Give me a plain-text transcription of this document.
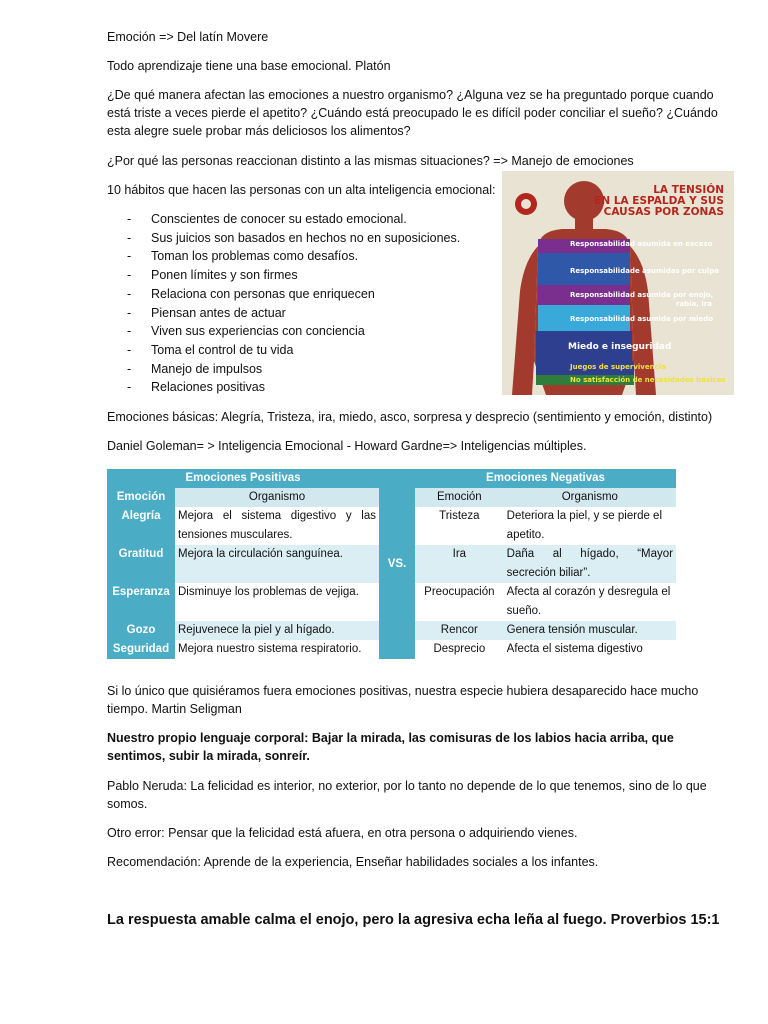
Emoción => Del latín Movere

Todo aprendizaje tiene una base emocional. Platón

¿De qué manera afectan las emociones a nuestro organismo? ¿Alguna vez se ha preguntado porque cuando está triste a veces pierde el apetito? ¿Cuándo está preocupado le es difícil poder conciliar el sueño? ¿Cuándo esta alegre suele probar más deliciosos los alimentos?

¿Por qué las personas reaccionan distinto a las mismas situaciones? => Manejo de emociones

10 hábitos que hacen las personas con un alta inteligencia emocional:

- Conscientes de conocer su estado emocional.
- Sus juicios son basados en hechos no en suposiciones.
- Toman los problemas como desafíos.
- Ponen límites y son firmes
- Relaciona con personas que enriquecen
- Piensan antes de actuar
- Viven sus experiencias con conciencia
- Toma el control de tu vida
- Manejo de impulsos
- Relaciones positivas
LA TENSIÓN
EN LA ESPALDA Y SUS
CAUSAS POR ZONAS
Responsabilidad asumida en exceso
Responsabilidade asumidas por culpa
Responsabilidad asumida por enojo,
rabia, ira
Responsabilidad asumida por miedo
Miedo e inseguridad
Juegos de supervivencia
No satisfacción de necesidades básicas

Emociones básicas: Alegría, Tristeza, ira, miedo, asco, sorpresa y desprecio (sentimiento y emoción, distinto)

Daniel Goleman= > Inteligencia Emocional - Howard Gardne=> Inteligencias múltiples.

Emociones Positivas		VS.	Emociones Negativas	
Emoción	Organismo		Emoción	Organismo
Alegría	Mejora el sistema digestivo y las tensiones musculares.		Tristeza	Deteriora la piel, y se pierde el apetito.
Gratitud	Mejora la circulación sanguínea.		Ira	Daña al hígado, “Mayor secreción biliar”.
Esperanza	Disminuye los problemas de vejiga.		Preocupación	Afecta al corazón y desregula el sueño.
Gozo	Rejuvenece la piel y al hígado.		Rencor	Genera tensión muscular.
Seguridad	Mejora nuestro sistema respiratorio.		Desprecio	Afecta el sistema digestivo

Si lo único que quisiéramos fuera emociones positivas, nuestra especie hubiera desaparecido hace mucho tiempo. Martin Seligman

Nuestro propio lenguaje corporal: Bajar la mirada, las comisuras de los labios hacia arriba, que sentimos, subir la mirada, sonreír.

Pablo Neruda: La felicidad es interior, no exterior, por lo tanto no depende de lo que tenemos, sino de lo que somos.

Otro error: Pensar que la felicidad está afuera, en otra persona o adquiriendo vienes.

Recomendación: Aprende de la experiencia, Enseñar habilidades sociales a los infantes.

La respuesta amable calma el enojo, pero la agresiva echa leña al fuego. Proverbios 15:1
